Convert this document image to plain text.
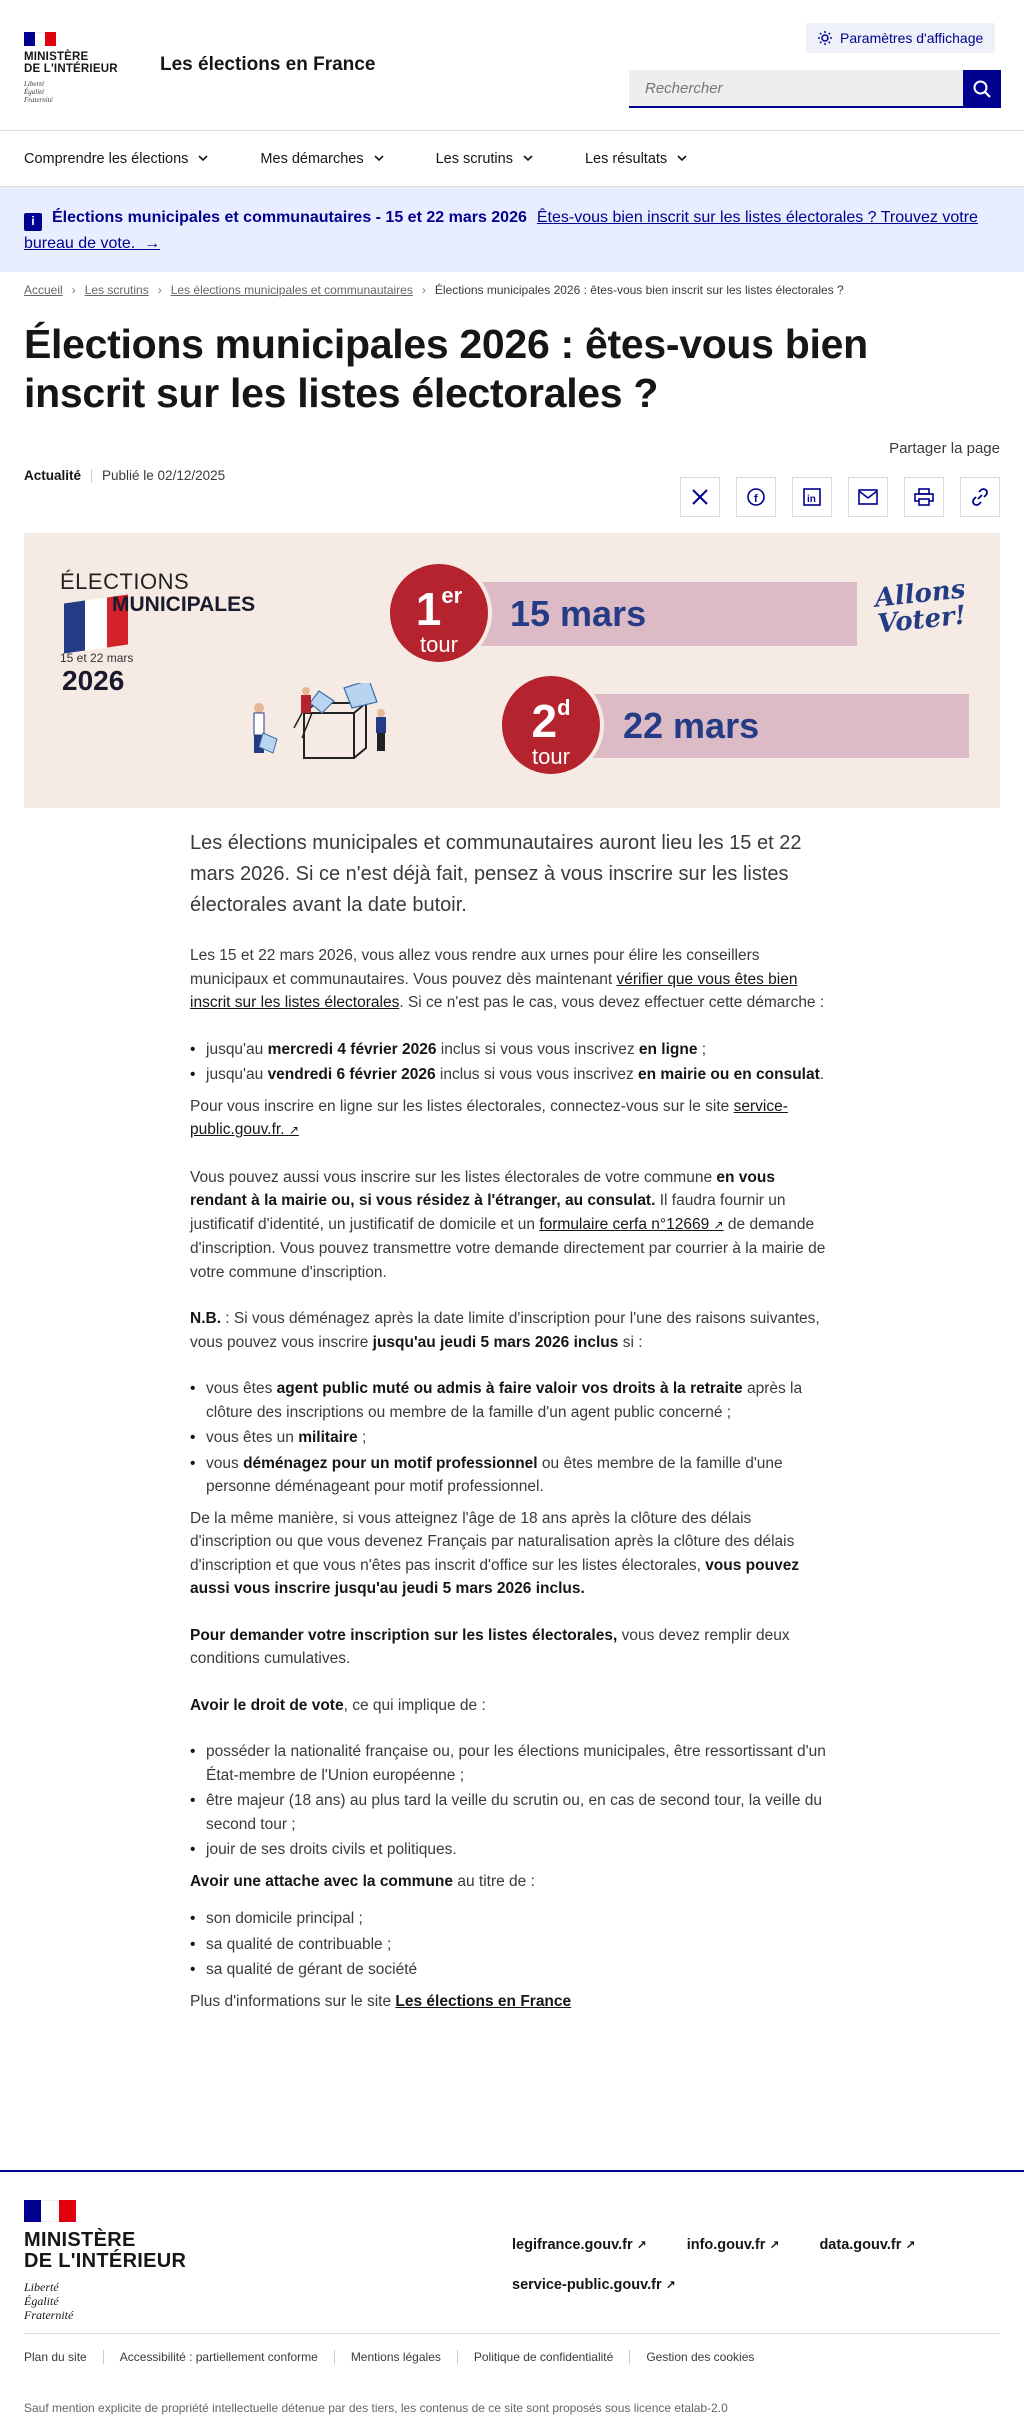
MINISTÈRE
DE L'INTÉRIEUR
Liberté
Égalité
Fraternité
Les élections en France
Paramètres d'affichage
Rechercher
Comprendre les élections	Mes démarches	Les scrutins	Les résultats
i Élections municipales et communautaires - 15 et 22 mars 2026 Êtes-vous bien inscrit sur les listes électorales ? Trouvez votre bureau de vote.  →
Accueil › Les scrutins › Les élections municipales et communautaires › Élections municipales 2026 : êtes-vous bien inscrit sur les listes électorales ?
Élections municipales 2026 : êtes-vous bien inscrit sur les listes électorales ?
Partager la page
Actualité Publié le 02/12/2025
f	in
ÉLECTIONS
MUNICIPALES
15 et 22 mars
2026
15 mars
1er
tour
22 mars
2$^d$
tour
Allons
Voter!

Les élections municipales et communautaires auront lieu les 15 et 22 mars 2026. Si ce n'est déjà fait, pensez à vous inscrire sur les listes électorales avant la date butoir.

Les 15 et 22 mars 2026, vous allez vous rendre aux urnes pour élire les conseillers municipaux et communautaires. Vous pouvez dès maintenant vérifier que vous êtes bien inscrit sur les listes électorales. Si ce n'est pas le cas, vous devez effectuer cette démarche :

• jusqu'au mercredi 4 février 2026 inclus si vous vous inscrivez en ligne ;
• jusqu'au vendredi 6 février 2026 inclus si vous vous inscrivez en mairie ou en consulat.

Pour vous inscrire en ligne sur les listes électorales, connectez-vous sur le site service-public.gouv.fr. ↗

Vous pouvez aussi vous inscrire sur les listes électorales de votre commune en vous rendant à la mairie ou, si vous résidez à l'étranger, au consulat. Il faudra fournir un justificatif d'identité, un justificatif de domicile et un formulaire cerfa n°12669 ↗ de demande d'inscription. Vous pouvez transmettre votre demande directement par courrier à la mairie de votre commune d'inscription.

N.B. : Si vous déménagez après la date limite d'inscription pour l'une des raisons suivantes, vous pouvez vous inscrire jusqu'au jeudi 5 mars 2026 inclus si :

• vous êtes agent public muté ou admis à faire valoir vos droits à la retraite après la clôture des inscriptions ou membre de la famille d'un agent public concerné ;
• vous êtes un militaire ;
• vous déménagez pour un motif professionnel ou êtes membre de la famille d'une personne déménageant pour motif professionnel.

De la même manière, si vous atteignez l'âge de 18 ans après la clôture des délais d'inscription ou que vous devenez Français par naturalisation après la clôture des délais d'inscription et que vous n'êtes pas inscrit d'office sur les listes électorales, vous pouvez aussi vous inscrire jusqu'au jeudi 5 mars 2026 inclus.

Pour demander votre inscription sur les listes électorales, vous devez remplir deux conditions cumulatives.

Avoir le droit de vote, ce qui implique de :

• posséder la nationalité française ou, pour les élections municipales, être ressortissant d'un État-membre de l'Union européenne ;
• être majeur (18 ans) au plus tard la veille du scrutin ou, en cas de second tour, la veille du second tour ;
• jouir de ses droits civils et politiques.

Avoir une attache avec la commune au titre de :

• son domicile principal ;
• sa qualité de contribuable ;
• sa qualité de gérant de société

Plus d'informations sur le site Les élections en France

MINISTÈRE
DE L'INTÉRIEUR
Liberté
Égalité
Fraternité
legifrance.gouv.fr ↗	info.gouv.fr ↗	data.gouv.fr ↗
service-public.gouv.fr ↗
Plan du site	Accessibilité : partiellement conforme	Mentions légales	Politique de confidentialité	Gestion des cookies
Sauf mention explicite de propriété intellectuelle détenue par des tiers, les contenus de ce site sont proposés sous licence etalab-2.0
